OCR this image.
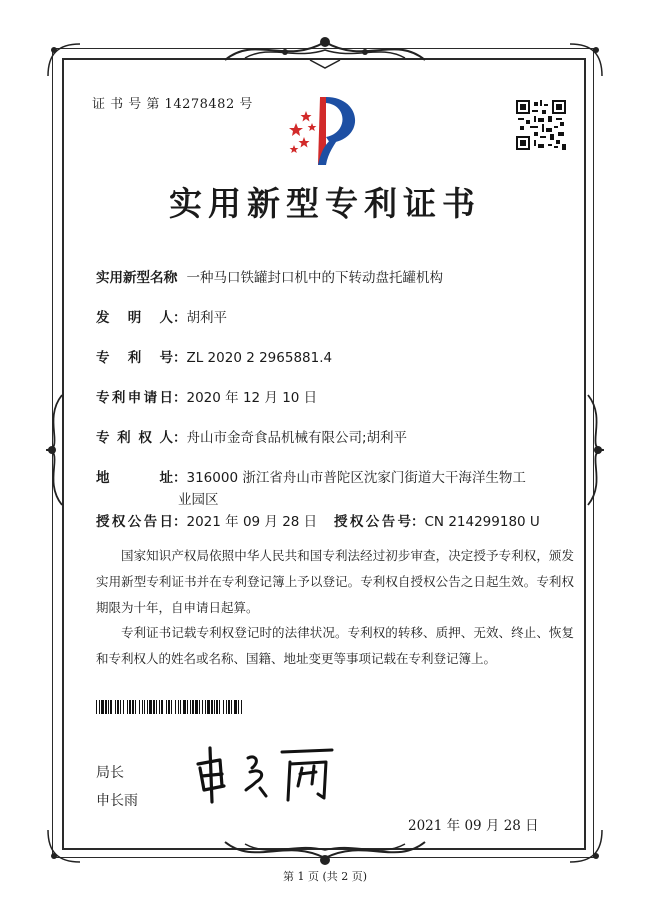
证 书 号 第 14278482 号
实用新型专利证书
实用新型名称：一种马口铁罐封口机中的下转动盘托罐机构
发 明 人：胡利平
专 利 号：ZL 2020 2 2965881.4
专利申请日：2020 年 12 月 10 日
专 利 权 人：舟山市金奇食品机械有限公司;胡利平
地 址：316000 浙江省舟山市普陀区沈家门街道大干海洋生物工
业园区
授权公告日：2021 年 09 月 28 日 授权公告号：CN 214299180 U
国家知识产权局依照中华人民共和国专利法经过初步审查，决定授予专利权，颁发实用新型专利证书并在专利登记簿上予以登记。专利权自授权公告之日起生效。专利权期限为十年，自申请日起算。
专利证书记载专利权登记时的法律状况。专利权的转移、质押、无效、终止、恢复和专利权人的姓名或名称、国籍、地址变更等事项记载在专利登记簿上。
局长
申长雨
2021 年 09 月 28 日
第 1 页 (共 2 页)
